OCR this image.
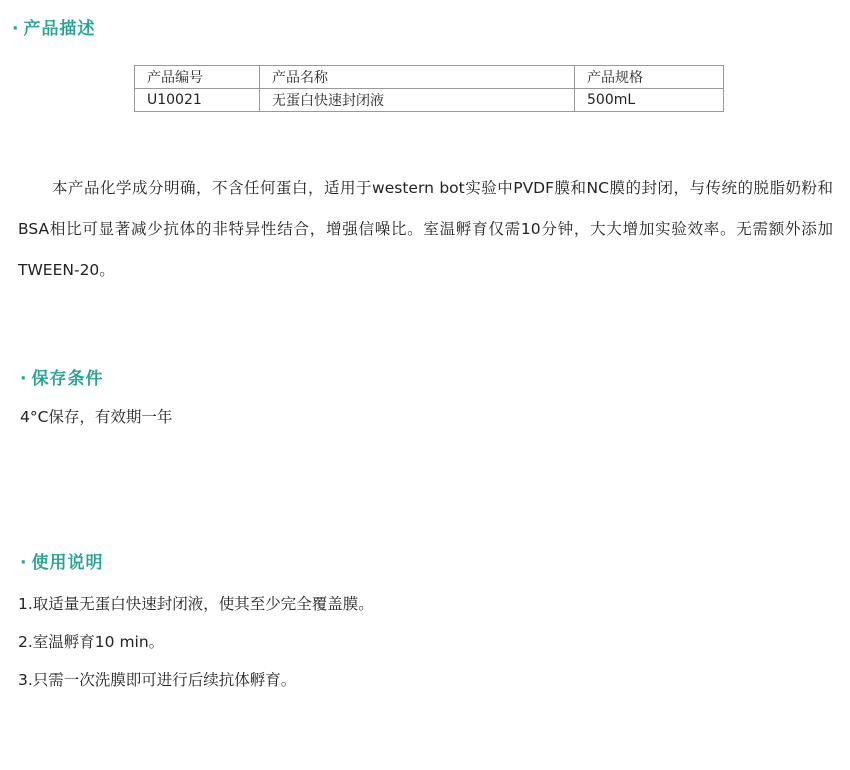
· 产品描述
产品编号	产品名称	产品规格
U10021	无蛋白快速封闭液	500mL

本产品化学成分明确，不含任何蛋白，适用于western bot实验中PVDF膜和NC膜的封闭，与传统的脱脂奶粉和BSA相比可显著减少抗体的非特异性结合，增强信噪比。室温孵育仅需10分钟，大大增加实验效率。无需额外添加TWEEN-20。

· 保存条件

4°C保存，有效期一年

· 使用说明

1.取适量无蛋白快速封闭液，使其至少完全覆盖膜。

2.室温孵育10 min。

3.只需一次洗膜即可进行后续抗体孵育。
